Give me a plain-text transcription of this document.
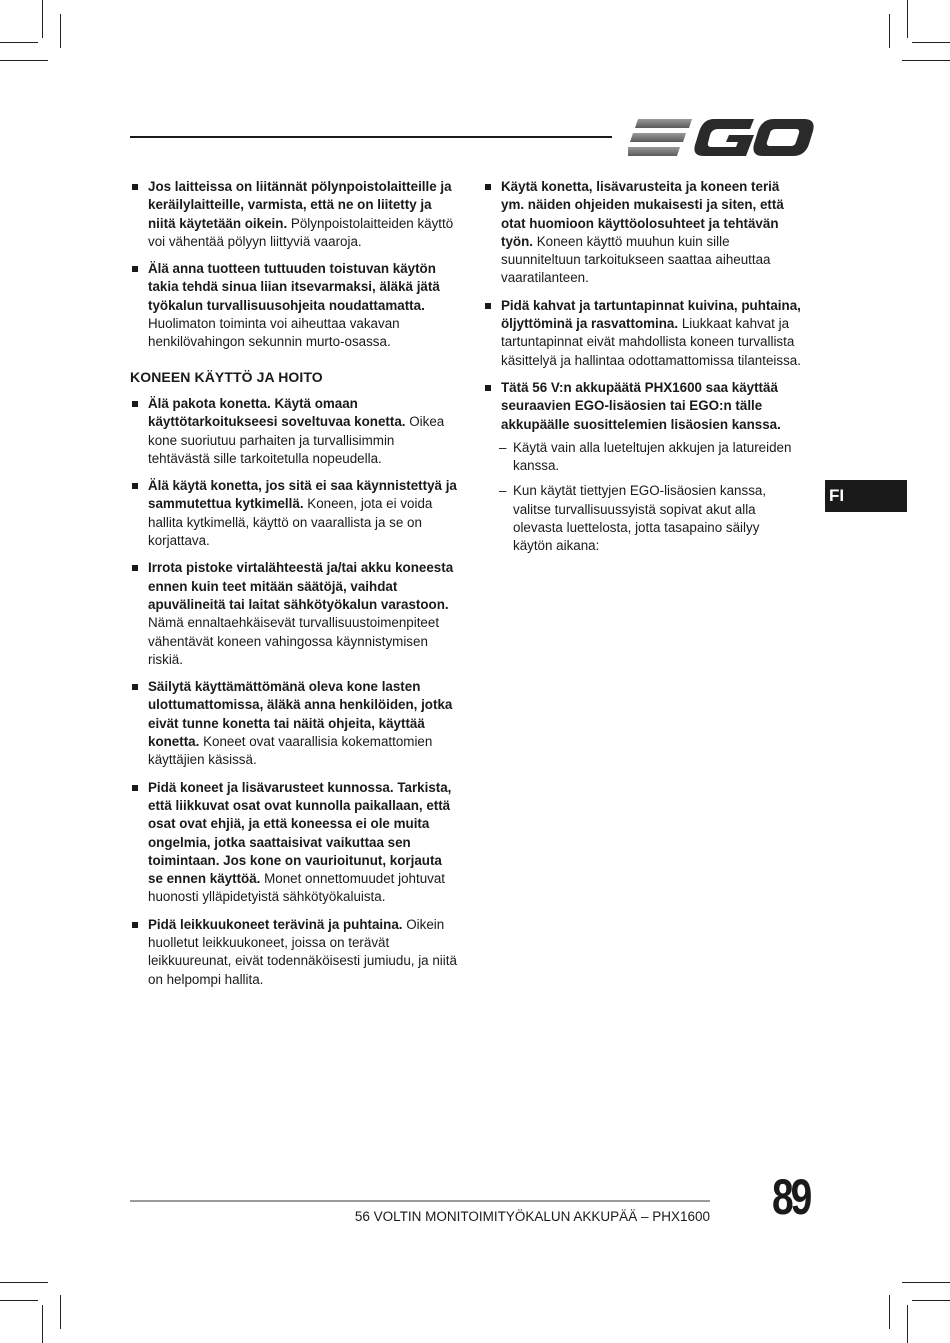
Jos laitteissa on liitännät pölynpoistolaitteille ja keräilylaitteille, varmista, että ne on liitetty ja niitä käytetään oikein. Pölynpoistolaitteiden käyttö voi vähentää pölyyn liittyviä vaaroja.
Älä anna tuotteen tuttuuden toistuvan käytön takia tehdä sinua liian itsevarmaksi, äläkä jätä työkalun turvallisuusohjeita noudattamatta. Huolimaton toiminta voi aiheuttaa vakavan henkilövahingon sekunnin murto-osassa.
KONEEN KÄYTTÖ JA HOITO
Älä pakota konetta. Käytä omaan käyttötarkoitukseesi soveltuvaa konetta. Oikea kone suoriutuu parhaiten ja turvallisimmin tehtävästä sille tarkoitetulla nopeudella.
Älä käytä konetta, jos sitä ei saa käynnistettyä ja sammutettua kytkimellä. Koneen, jota ei voida hallita kytkimellä, käyttö on vaarallista ja se on korjattava.
Irrota pistoke virtalähteestä ja/tai akku koneesta ennen kuin teet mitään säätöjä, vaihdat apuvälineitä tai laitat sähkötyökalun varastoon. Nämä ennaltaehkäisevät turvallisuustoimenpiteet vähentävät koneen vahingossa käynnistymisen riskiä.
Säilytä käyttämättömänä oleva kone lasten ulottumattomissa, äläkä anna henkilöiden, jotka eivät tunne konetta tai näitä ohjeita, käyttää konetta. Koneet ovat vaarallisia kokemattomien käyttäjien käsissä.
Pidä koneet ja lisävarusteet kunnossa. Tarkista, että liikkuvat osat ovat kunnolla paikallaan, että osat ovat ehjiä, ja että koneessa ei ole muita ongelmia, jotka saattaisivat vaikuttaa sen toimintaan. Jos kone on vaurioitunut, korjauta se ennen käyttöä. Monet onnettomuudet johtuvat huonosti ylläpidetyistä sähkötyökaluista.
Pidä leikkuukoneet terävinä ja puhtaina. Oikein huolletut leikkuukoneet, joissa on terävät leikkuureunat, eivät todennäköisesti jumiudu, ja niitä on helpompi hallita.
Käytä konetta, lisävarusteita ja koneen teriä ym. näiden ohjeiden mukaisesti ja siten, että otat huomioon käyttöolosuhteet ja tehtävän työn. Koneen käyttö muuhun kuin sille suunniteltuun tarkoitukseen saattaa aiheuttaa vaaratilanteen.
Pidä kahvat ja tartuntapinnat kuivina, puhtaina, öljyttöminä ja rasvattomina. Liukkaat kahvat ja tartuntapinnat eivät mahdollista koneen turvallista käsittelyä ja hallintaa odottamattomissa tilanteissa.
Tätä 56 V:n akkupäätä PHX1600 saa käyttää seuraavien EGO-lisäosien tai EGO:n tälle akkupäälle suosittelemien lisäosien kanssa.
– Käytä vain alla lueteltujen akkujen ja latureiden kanssa.
– Kun käytät tiettyjen EGO-lisäosien kanssa, valitse turvallisuussyistä sopivat akut alla olevasta luettelosta, jotta tasapaino säilyy käytön aikana:
FI
56 VOLTIN MONITOIMITYÖKALUN AKKUPÄÄ – PHX1600 89
